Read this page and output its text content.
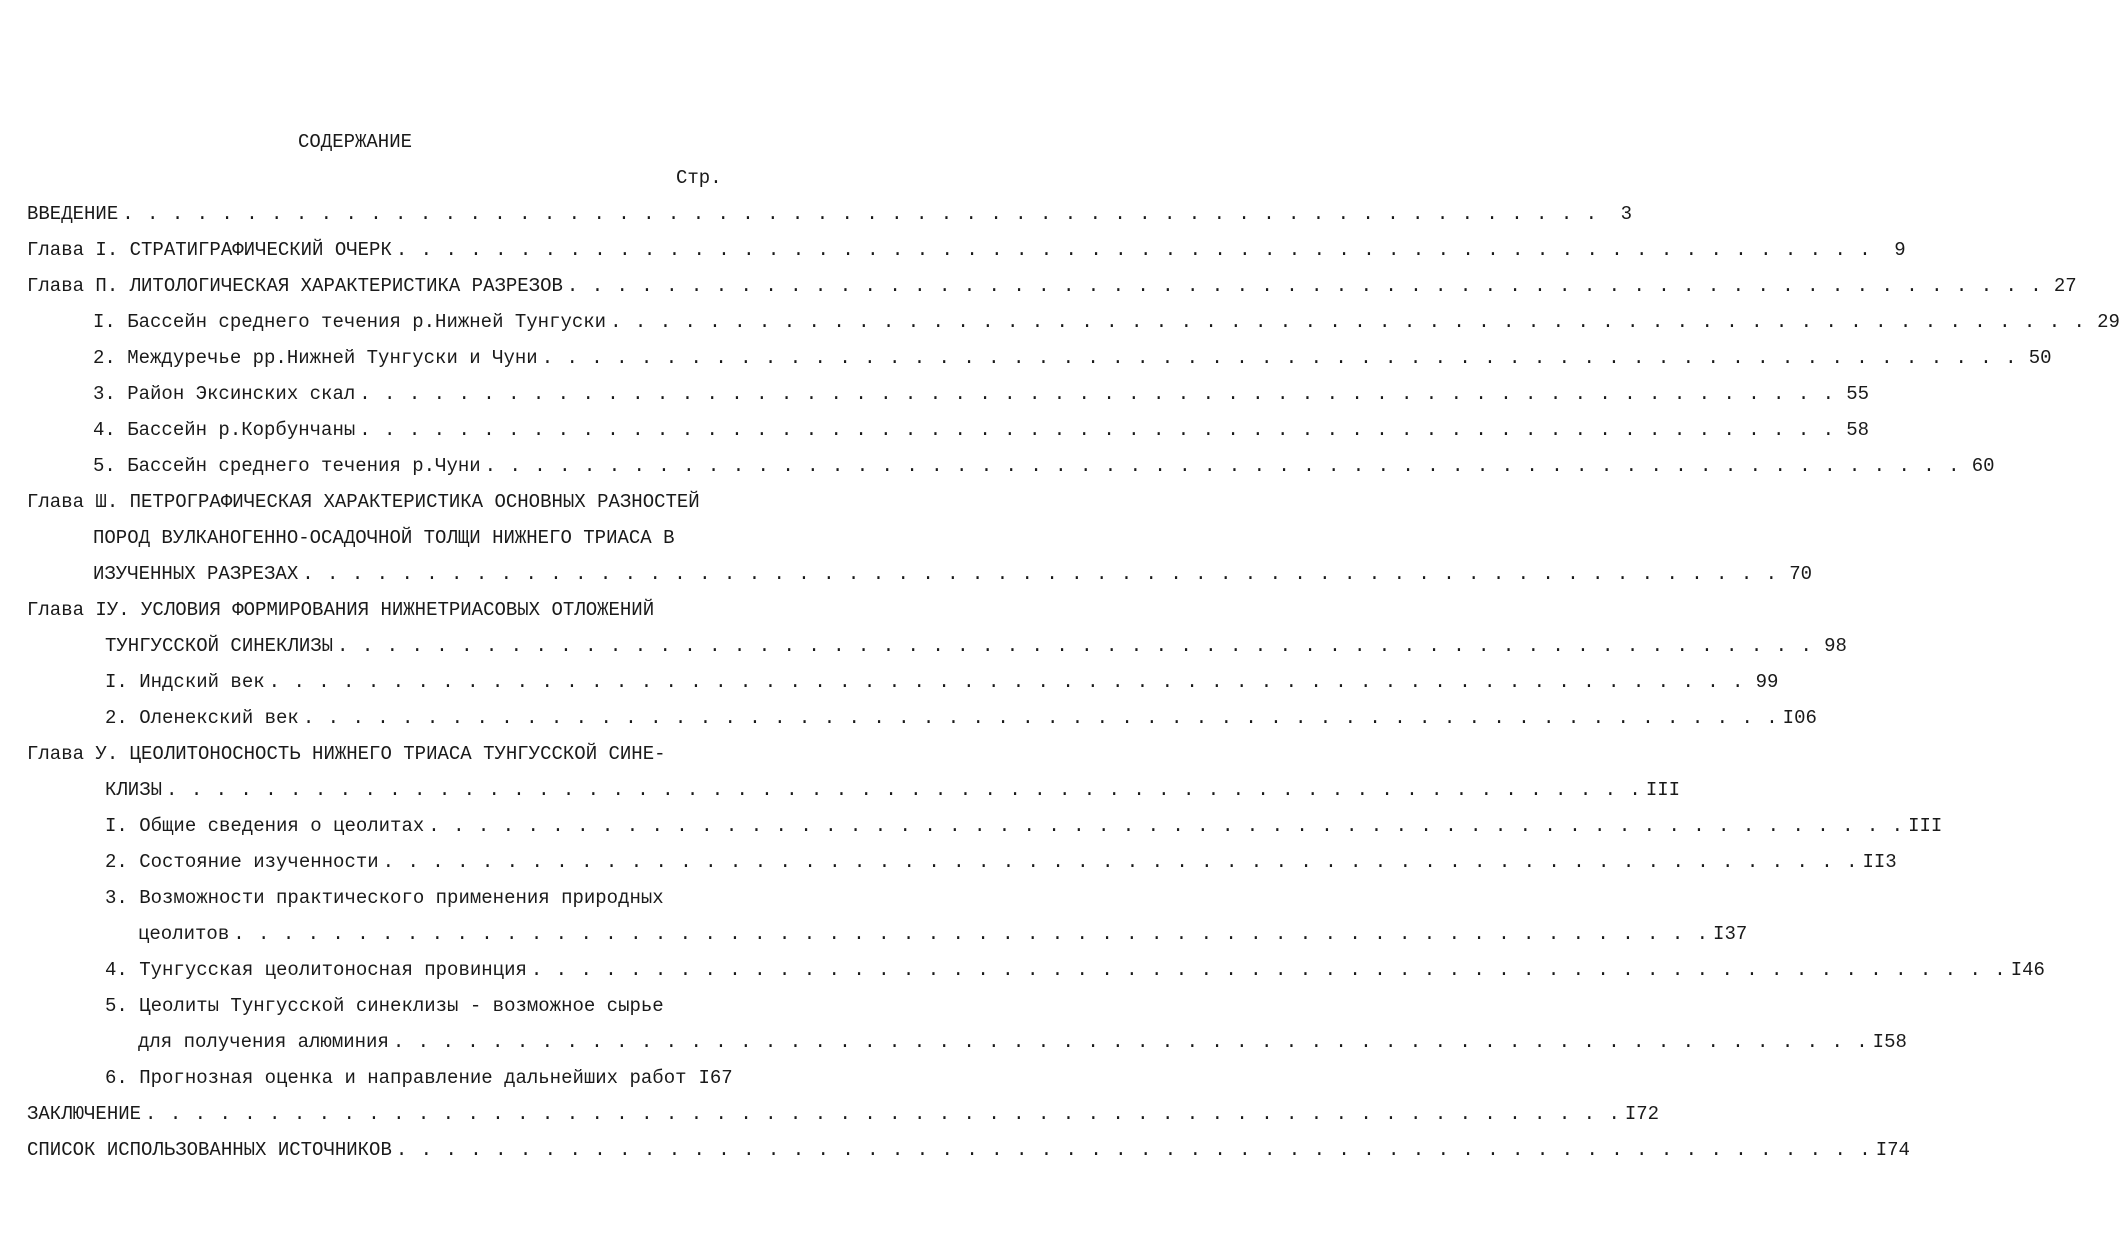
СОДЕРЖАНИЕ
Стр.
ВВЕДЕНИЕ . . . . . . . . . . . . . . . . . . . . . . . . . . . . . . . . . . . . . . . . . . . . . . . . . . . . . . . . . . . .	3
Глава I. СТРАТИГРАФИЧЕСКИЙ ОЧЕРК . . . . . . . . . . . . . . . . . . . . . . . . . . . . . . . . . . . . . . . . . . . . . . . . . . . . . . . . . . . .	9
Глава П. ЛИТОЛОГИЧЕСКАЯ ХАРАКТЕРИСТИКА РАЗРЕЗОВ . . . . . . . . . . . . . . . . . . . . . . . . . . . . . . . . . . . . . . . . . . . . . . . . . . . . . . . . . . . . 27
I. Бассейн среднего течения р.Нижней Тунгуски . . . . . . . . . . . . . . . . . . . . . . . . . . . . . . . . . . . . . . . . . . . . . . . . . . . . . . . . . . . . 29
2. Междуречье рр.Нижней Тунгуски и Чуни . . . . . . . . . . . . . . . . . . . . . . . . . . . . . . . . . . . . . . . . . . . . . . . . . . . . . . . . . . . . 50
3. Район Эксинских скал . . . . . . . . . . . . . . . . . . . . . . . . . . . . . . . . . . . . . . . . . . . . . . . . . . . . . . . . . . . . 55
4. Бассейн р.Корбунчаны . . . . . . . . . . . . . . . . . . . . . . . . . . . . . . . . . . . . . . . . . . . . . . . . . . . . . . . . . . . . 58
5. Бассейн среднего течения р.Чуни . . . . . . . . . . . . . . . . . . . . . . . . . . . . . . . . . . . . . . . . . . . . . . . . . . . . . . . . . . . . 60
Глава Ш. ПЕТРОГРАФИЧЕСКАЯ ХАРАКТЕРИСТИКА ОСНОВНЫХ РАЗНОСТЕЙ
ПОРОД ВУЛКАНОГЕННО-ОСАДОЧНОЙ ТОЛЩИ НИЖНЕГО ТРИАСА В
ИЗУЧЕННЫХ РАЗРЕЗАХ . . . . . . . . . . . . . . . . . . . . . . . . . . . . . . . . . . . . . . . . . . . . . . . . . . . . . . . . . . . . 70
Глава IУ. УСЛОВИЯ ФОРМИРОВАНИЯ НИЖНЕТРИАСОВЫХ ОТЛОЖЕНИЙ
ТУНГУССКОЙ СИНЕКЛИЗЫ . . . . . . . . . . . . . . . . . . . . . . . . . . . . . . . . . . . . . . . . . . . . . . . . . . . . . . . . . . . . 98
I. Индский век . . . . . . . . . . . . . . . . . . . . . . . . . . . . . . . . . . . . . . . . . . . . . . . . . . . . . . . . . . . . 99
2. Оленекский век . . . . . . . . . . . . . . . . . . . . . . . . . . . . . . . . . . . . . . . . . . . . . . . . . . . . . . . . . . . . I06
Глава У. ЦЕОЛИТОНОСНОСТЬ НИЖНЕГО ТРИАСА ТУНГУССКОЙ СИНЕ-
КЛИЗЫ . . . . . . . . . . . . . . . . . . . . . . . . . . . . . . . . . . . . . . . . . . . . . . . . . . . . . . . . . . . . III
I. Общие сведения о цеолитах . . . . . . . . . . . . . . . . . . . . . . . . . . . . . . . . . . . . . . . . . . . . . . . . . . . . . . . . . . . . III
2. Состояние изученности . . . . . . . . . . . . . . . . . . . . . . . . . . . . . . . . . . . . . . . . . . . . . . . . . . . . . . . . . . . . II3
3. Возможности практического применения природных
цеолитов . . . . . . . . . . . . . . . . . . . . . . . . . . . . . . . . . . . . . . . . . . . . . . . . . . . . . . . . . . . . I37
4. Тунгусская цеолитоносная провинция . . . . . . . . . . . . . . . . . . . . . . . . . . . . . . . . . . . . . . . . . . . . . . . . . . . . . . . . . . . . I46
5. Цеолиты Тунгусской синеклизы - возможное сырье
для получения алюминия . . . . . . . . . . . . . . . . . . . . . . . . . . . . . . . . . . . . . . . . . . . . . . . . . . . . . . . . . . . . I58
6. Прогнозная оценка и направление дальнейших работ I67
ЗАКЛЮЧЕНИЕ . . . . . . . . . . . . . . . . . . . . . . . . . . . . . . . . . . . . . . . . . . . . . . . . . . . . . . . . . . . . I72
СПИСОК ИСПОЛЬЗОВАННЫХ ИСТОЧНИКОВ . . . . . . . . . . . . . . . . . . . . . . . . . . . . . . . . . . . . . . . . . . . . . . . . . . . . . . . . . . . . I74
